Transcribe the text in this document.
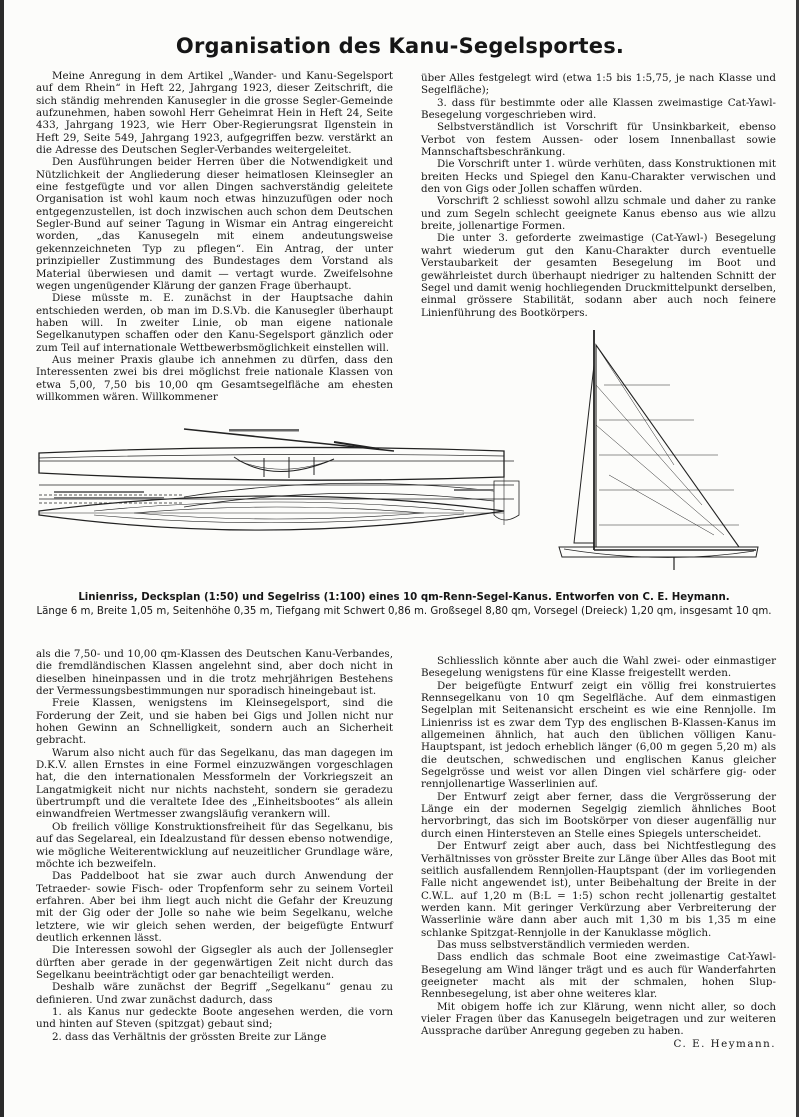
Organisation des Kanu-Segelsportes.

Meine Anregung in dem Artikel „Wander- und Kanu-Segelsport auf dem Rhein“ in Heft 22, Jahrgang 1923, dieser Zeitschrift, die sich ständig mehrenden Kanusegler in die grosse Segler-Gemeinde aufzunehmen, haben sowohl Herr Geheimrat Hein in Heft 24, Seite 433, Jahrgang 1923, wie Herr Ober-Regierungsrat Ilgenstein in Heft 29, Seite 549, Jahrgang 1923, aufgegriffen bezw. verstärkt an die Adresse des Deutschen Segler-Verbandes weitergeleitet.

Den Ausführungen beider Herren über die Notwendigkeit und Nützlichkeit der Angliederung dieser heimatlosen Kleinsegler an eine festgefügte und vor allen Dingen sachverständig geleitete Organisation ist wohl kaum noch etwas hinzuzufügen oder noch entgegenzustellen, ist doch inzwischen auch schon dem Deutschen Segler-Bund auf seiner Tagung in Wismar ein Antrag eingereicht worden, „das Kanusegeln mit einem andeutungsweise gekennzeichneten Typ zu pflegen“. Ein Antrag, der unter prinzipieller Zustimmung des Bundestages dem Vorstand als Material überwiesen und damit — vertagt wurde. Zweifelsohne wegen ungenügender Klärung der ganzen Frage überhaupt.

Diese müsste m. E. zunächst in der Hauptsache dahin entschieden werden, ob man im D.S.Vb. die Kanusegler überhaupt haben will. In zweiter Linie, ob man eigene nationale Segelkanutypen schaffen oder den Kanu-Segelsport gänzlich oder zum Teil auf internationale Wettbewerbsmöglichkeit einstellen will.

Aus meiner Praxis glaube ich annehmen zu dürfen, dass den Interessenten zwei bis drei möglichst freie nationale Klassen von etwa 5,00, 7,50 bis 10,00 qm Gesamtsegelfläche am ehesten willkommen wären. Willkommener

über Alles festgelegt wird (etwa 1:5 bis 1:5,75, je nach Klasse und Segelfläche);

3. dass für bestimmte oder alle Klassen zweimastige Cat-Yawl-Besegelung vorgeschrieben wird.

Selbstverständlich ist Vorschrift für Unsinkbarkeit, ebenso Verbot von festem Aussen- oder losem Innenballast sowie Mannschaftsbeschränkung.

Die Vorschrift unter 1. würde verhüten, dass Konstruktionen mit breiten Hecks und Spiegel den Kanu-Charakter verwischen und den von Gigs oder Jollen schaffen würden.

Vorschrift 2 schliesst sowohl allzu schmale und daher zu ranke und zum Segeln schlecht geeignete Kanus ebenso aus wie allzu breite, jollenartige Formen.

Die unter 3. geforderte zweimastige (Cat-Yawl-) Besegelung wahrt wiederum gut den Kanu-Charakter durch eventuelle Verstaubarkeit der gesamten Besegelung im Boot und gewährleistet durch überhaupt niedriger zu haltenden Schnitt der Segel und damit wenig hochliegenden Druckmittelpunkt derselben, einmal grössere Stabilität, sodann aber auch noch feinere Linienführung des Bootkörpers.

Linienriss, Decksplan (1:50) und Segelriss (1:100) eines 10 qm-Renn-Segel-Kanus. Entworfen von C. E. Heymann.
Länge 6 m, Breite 1,05 m, Seitenhöhe 0,35 m, Tiefgang mit Schwert 0,86 m. Großsegel 8,80 qm, Vorsegel (Dreieck) 1,20 qm, insgesamt 10 qm.

als die 7,50- und 10,00 qm-Klassen des Deutschen Kanu-Verbandes, die fremdländischen Klassen angelehnt sind, aber doch nicht in dieselben hineinpassen und in die trotz mehrjährigen Bestehens der Vermessungsbestimmungen nur sporadisch hineingebaut ist.

Freie Klassen, wenigstens im Kleinsegelsport, sind die Forderung der Zeit, und sie haben bei Gigs und Jollen nicht nur hohen Gewinn an Schnelligkeit, sondern auch an Sicherheit gebracht.

Warum also nicht auch für das Segelkanu, das man dagegen im D.K.V. allen Ernstes in eine Formel einzuzwängen vorgeschlagen hat, die den internationalen Messformeln der Vorkriegszeit an Langatmigkeit nicht nur nichts nachsteht, sondern sie geradezu übertrumpft und die veraltete Idee des „Einheitsbootes“ als allein einwandfreien Wertmesser zwangsläufig verankern will.

Ob freilich völlige Konstruktionsfreiheit für das Segelkanu, bis auf das Segelareal, ein Idealzustand für dessen ebenso notwendige, wie mögliche Weiterentwicklung auf neuzeitlicher Grundlage wäre, möchte ich bezweifeln.

Das Paddelboot hat sie zwar auch durch Anwendung der Tetraeder- sowie Fisch- oder Tropfenform sehr zu seinem Vorteil erfahren. Aber bei ihm liegt auch nicht die Gefahr der Kreuzung mit der Gig oder der Jolle so nahe wie beim Segelkanu, welche letztere, wie wir gleich sehen werden, der beigefügte Entwurf deutlich erkennen lässt.

Die Interessen sowohl der Gigsegler als auch der Jollensegler dürften aber gerade in der gegenwärtigen Zeit nicht durch das Segelkanu beeinträchtigt oder gar benachteiligt werden.

Deshalb wäre zunächst der Begriff „Segelkanu“ genau zu definieren. Und zwar zunächst dadurch, dass

1. als Kanus nur gedeckte Boote angesehen werden, die vorn und hinten auf Steven (spitzgat) gebaut sind;

2. dass das Verhältnis der grössten Breite zur Länge

Schliesslich könnte aber auch die Wahl zwei- oder einmastiger Besegelung wenigstens für eine Klasse freigestellt werden.

Der beigefügte Entwurf zeigt ein völlig frei konstruiertes Rennsegelkanu von 10 qm Segelfläche. Auf dem einmastigen Segelplan mit Seitenansicht erscheint es wie eine Rennjolle. Im Linienriss ist es zwar dem Typ des englischen B-Klassen-Kanus im allgemeinen ähnlich, hat auch den üblichen völligen Kanu-Hauptspant, ist jedoch erheblich länger (6,00 m gegen 5,20 m) als die deutschen, schwedischen und englischen Kanus gleicher Segelgrösse und weist vor allen Dingen viel schärfere gig- oder rennjollenartige Wasserlinien auf.

Der Entwurf zeigt aber ferner, dass die Vergrösserung der Länge ein der modernen Segelgig ziemlich ähnliches Boot hervorbringt, das sich im Bootskörper von dieser augenfällig nur durch einen Hintersteven an Stelle eines Spiegels unterscheidet.

Der Entwurf zeigt aber auch, dass bei Nichtfestlegung des Verhältnisses von grösster Breite zur Länge über Alles das Boot mit seitlich ausfallendem Rennjollen-Hauptspant (der im vorliegenden Falle nicht angewendet ist), unter Beibehaltung der Breite in der C.W.L. auf 1,20 m (B:L = 1:5) schon recht jollenartig gestaltet werden kann. Mit geringer Verkürzung aber Verbreiterung der Wasserlinie wäre dann aber auch mit 1,30 m bis 1,35 m eine schlanke Spitzgat-Rennjolle in der Kanuklasse möglich.

Das muss selbstverständlich vermieden werden.

Dass endlich das schmale Boot eine zweimastige Cat-Yawl-Besegelung am Wind länger trägt und es auch für Wanderfahrten geeigneter macht als mit der schmalen, hohen Slup-Rennbesegelung, ist aber ohne weiteres klar.

Mit obigem hoffe ich zur Klärung, wenn nicht aller, so doch vieler Fragen über das Kanusegeln beigetragen und zur weiteren Aussprache darüber Anregung gegeben zu haben.

C. E. Heymann.
